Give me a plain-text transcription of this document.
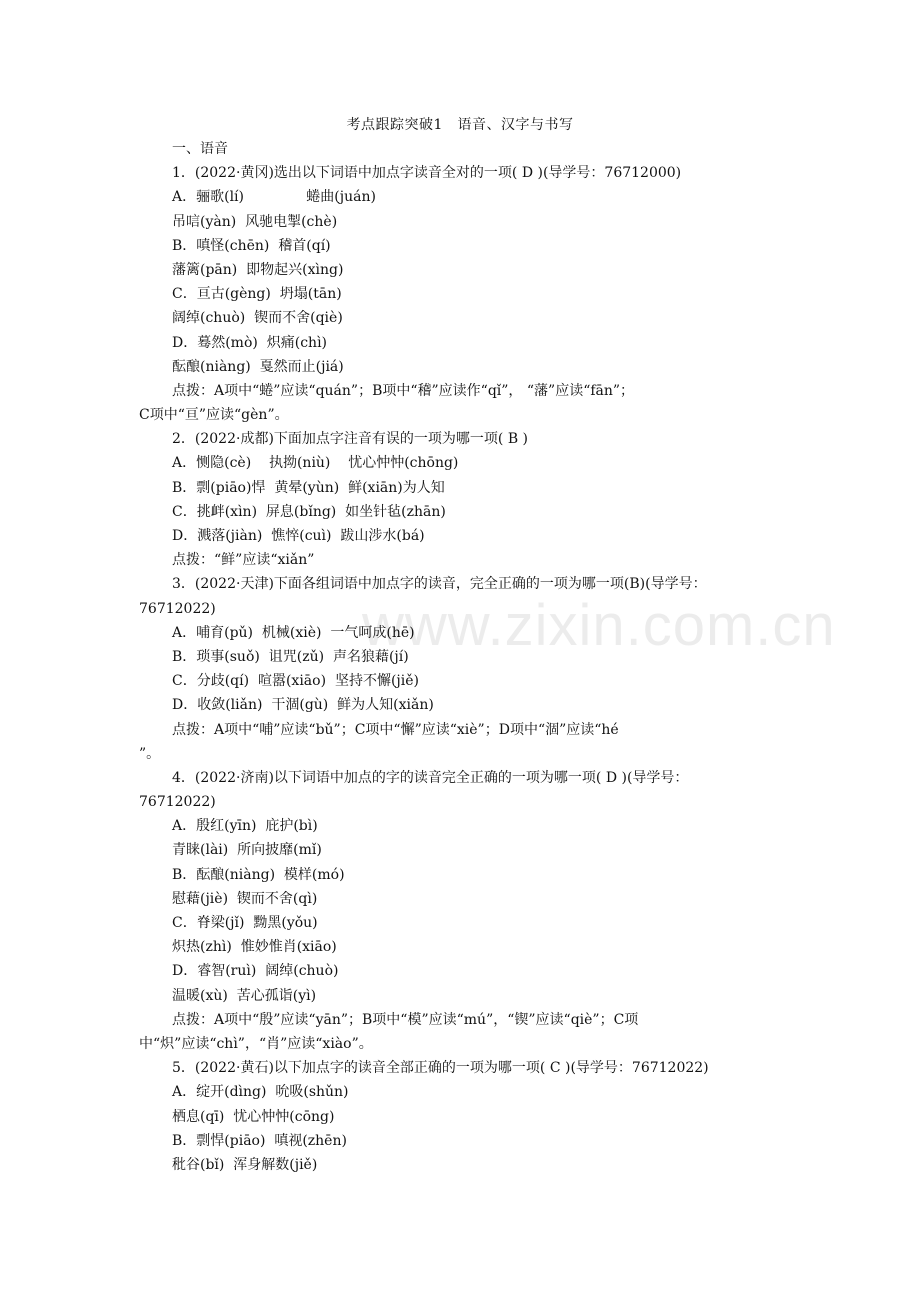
www.zixin.com.cn
考点跟踪突破1　语音、汉字与书写
一、语音
1．(2022·黄冈)选出以下词语中加点字读音全对的一项( D )(导学号：76712000)
A．骊歌(lí)              蜷曲(juán)
吊唁(yàn)  风驰电掣(chè)
B．嗔怪(chēn)  稽首(qí)
藩篱(pān)  即物起兴(xìng)
C．亘古(gèng)  坍塌(tān)
阔绰(chuò)  锲而不舍(qiè)
D．蓦然(mò)  炽痛(chì)
酝酿(niàng)  戛然而止(jiá)
点拨：A项中“蜷”应读“quán”；B项中“稽”应读作“qǐ”， “藩”应读“fān”；
C项中“亘”应读“gèn”。
2．(2022·成都)下面加点字注音有误的一项为哪一项( B )
A．恻隐(cè)    执拗(niù)    忧心忡忡(chōng)
B．剽(piāo)悍  黄晕(yùn)  鲜(xiān)为人知
C．挑衅(xìn)  屏息(bǐng)  如坐针毡(zhān)
D．溅落(jiàn)  憔悴(cuì)  跋山涉水(bá)
点拨：“鲜”应读“xiǎn”
3．(2022·天津)下面各组词语中加点字的读音，完全正确的一项为哪一项(B)(导学号：
76712022)
A．哺育(pǔ)  机械(xiè)  一气呵成(hē)
B．琐事(suǒ)  诅咒(zǔ)  声名狼藉(jí)
C．分歧(qí)  喧嚣(xiāo)  坚持不懈(jiě)
D．收敛(liǎn)  干涸(gù)  鲜为人知(xiǎn)
点拨：A项中“哺”应读“bǔ”；C项中“懈”应读“xiè”；D项中“涸”应读“hé
”。
4．(2022·济南)以下词语中加点的字的读音完全正确的一项为哪一项( D )(导学号：
76712022)
A．殷红(yīn)  庇护(bì)
青睐(lài)  所向披靡(mǐ)
B．酝酿(niàng)  模样(mó)
慰藉(jiè)  锲而不舍(qì)
C．脊梁(jǐ)  黝黑(yǒu)
炽热(zhì)  惟妙惟肖(xiāo)
D．睿智(ruì)  阔绰(chuò)
温暖(xù)  苦心孤诣(yì)
点拨：A项中“殷”应读“yān”；B项中“模”应读“mú”，“锲”应读“qiè”；C项
中“炽”应读“chì”，“肖”应读“xiào”。
5．(2022·黄石)以下加点字的读音全部正确的一项为哪一项( C )(导学号：76712022)
A．绽开(dìng)  吮吸(shǔn)
栖息(qī)  忧心忡忡(cōng)
B．剽悍(piāo)  嗔视(zhēn)
秕谷(bǐ)  浑身解数(jiě)
